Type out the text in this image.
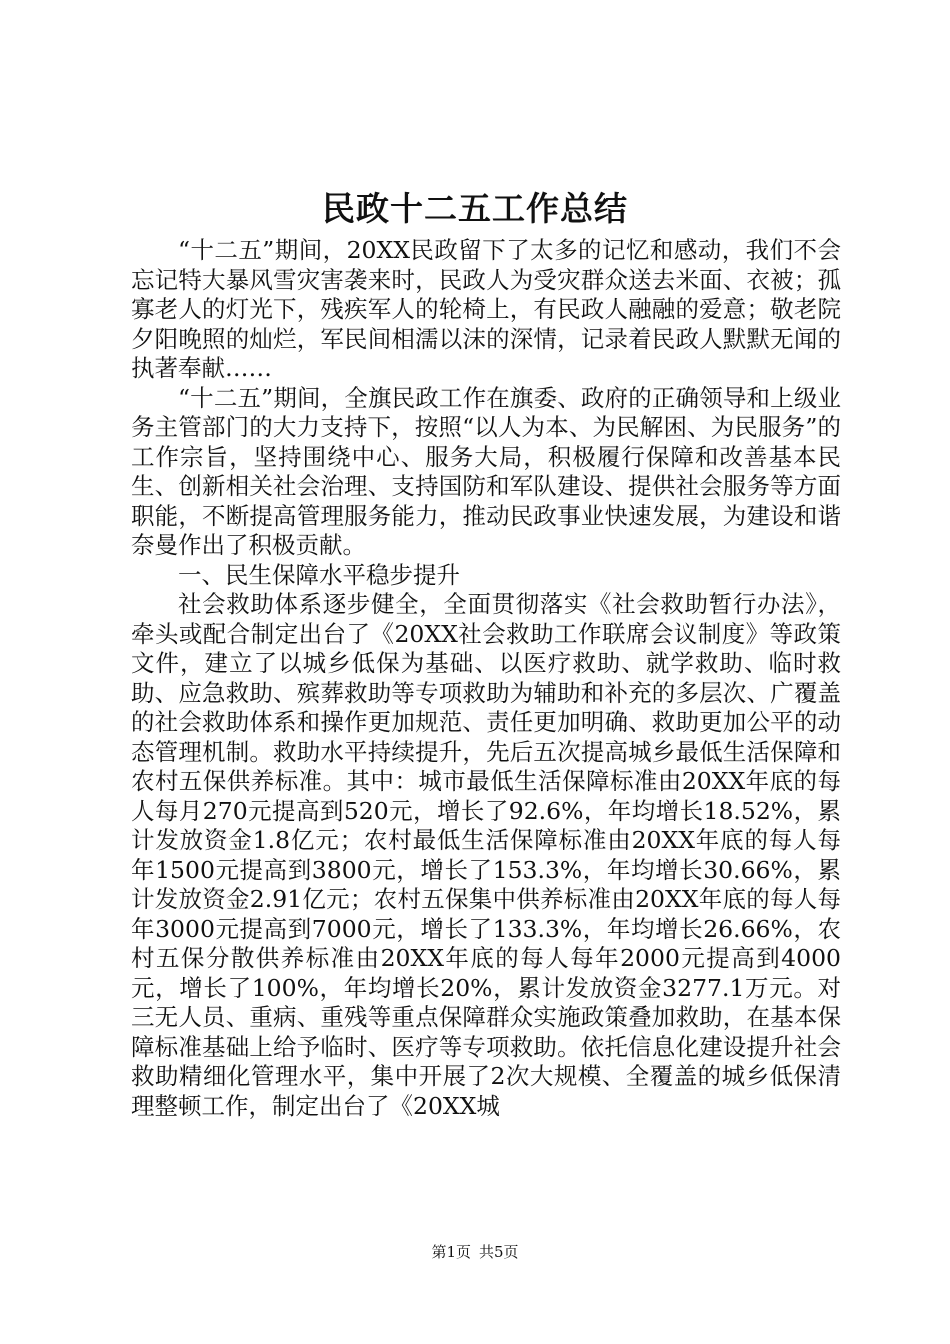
民政十二五工作总结

“十二五”期间，20XX民政留下了太多的记忆和感动，我们不会忘记特大暴风雪灾害袭来时，民政人为受灾群众送去米面、衣被；孤寡老人的灯光下，残疾军人的轮椅上，有民政人融融的爱意；敬老院夕阳晚照的灿烂，军民间相濡以沫的深情，记录着民政人默默无闻的执著奉献……

“十二五”期间，全旗民政工作在旗委、政府的正确领导和上级业务主管部门的大力支持下，按照“以人为本、为民解困、为民服务”的工作宗旨，坚持围绕中心、服务大局，积极履行保障和改善基本民生、创新相关社会治理、支持国防和军队建设、提供社会服务等方面职能，不断提高管理服务能力，推动民政事业快速发展，为建设和谐奈曼作出了积极贡献。

一、民生保障水平稳步提升

社会救助体系逐步健全，全面贯彻落实《社会救助暂行办法》，牵头或配合制定出台了《20XX社会救助工作联席会议制度》等政策文件，建立了以城乡低保为基础、以医疗救助、就学救助、临时救助、应急救助、殡葬救助等专项救助为辅助和补充的多层次、广覆盖的社会救助体系和操作更加规范、责任更加明确、救助更加公平的动态管理机制。救助水平持续提升，先后五次提高城乡最低生活保障和农村五保供养标准。其中：城市最低生活保障标准由20XX年底的每人每月270元提高到520元，增长了92.6%，年均增长18.52%，累计发放资金1.8亿元；农村最低生活保障标准由20XX年底的每人每年1500元提高到3800元，增长了153.3%，年均增长30.66%，累计发放资金2.91亿元；农村五保集中供养标准由20XX年底的每人每年3000元提高到7000元，增长了133.3%，年均增长26.66%，农村五保分散供养标准由20XX年底的每人每年2000元提高到4000元，增长了100%，年均增长20%，累计发放资金3277.1万元。对三无人员、重病、重残等重点保障群众实施政策叠加救助，在基本保障标准基础上给予临时、医疗等专项救助。依托信息化建设提升社会救助精细化管理水平，集中开展了2次大规模、全覆盖的城乡低保清理整顿工作，制定出台了《20XX城

第1页 共5页
